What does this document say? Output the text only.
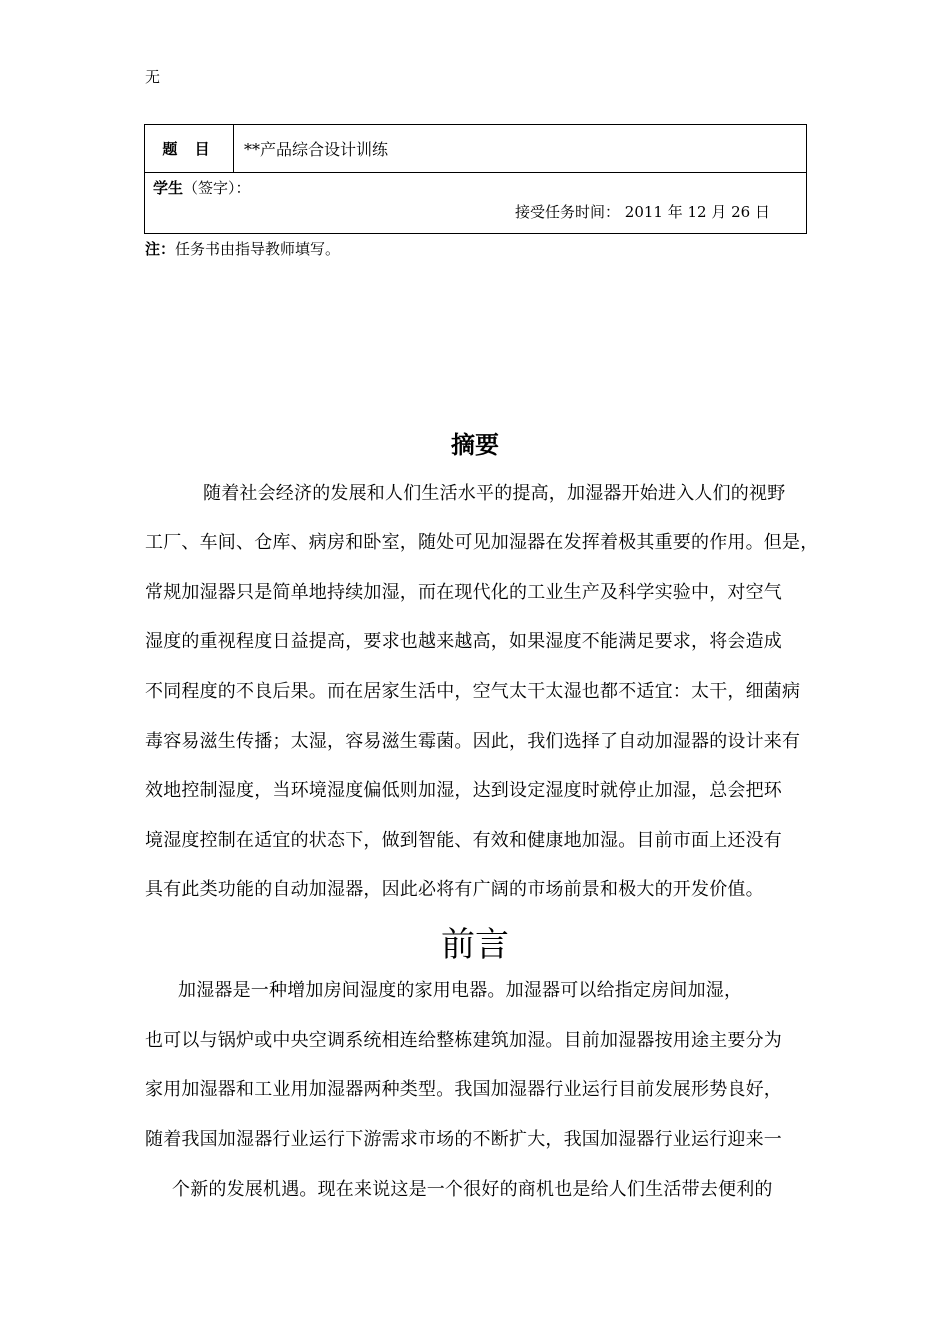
无
题 目	**产品综合设计训练

学生（签字）：
接受任务时间： 2011 年 12 月 26 日
注：任务书由指导教师填写。
摘要
随着社会经济的发展和人们生活水平的提高，加湿器开始进入人们的视野
工厂、车间、仓库、病房和卧室，随处可见加湿器在发挥着极其重要的作用。但是，
常规加湿器只是简单地持续加湿，而在现代化的工业生产及科学实验中，对空气
湿度的重视程度日益提高，要求也越来越高，如果湿度不能满足要求，将会造成
不同程度的不良后果。而在居家生活中，空气太干太湿也都不适宜：太干，细菌病
毒容易滋生传播；太湿，容易滋生霉菌。因此，我们选择了自动加湿器的设计来有
效地控制湿度，当环境湿度偏低则加湿，达到设定湿度时就停止加湿，总会把环
境湿度控制在适宜的状态下，做到智能、有效和健康地加湿。目前市面上还没有
具有此类功能的自动加湿器，因此必将有广阔的市场前景和极大的开发价值。
前言
加湿器是一种增加房间湿度的家用电器。加湿器可以给指定房间加湿，
也可以与锅炉或中央空调系统相连给整栋建筑加湿。目前加湿器按用途主要分为
家用加湿器和工业用加湿器两种类型。我国加湿器行业运行目前发展形势良好，
随着我国加湿器行业运行下游需求市场的不断扩大，我国加湿器行业运行迎来一
个新的发展机遇。现在来说这是一个很好的商机也是给人们生活带去便利的
